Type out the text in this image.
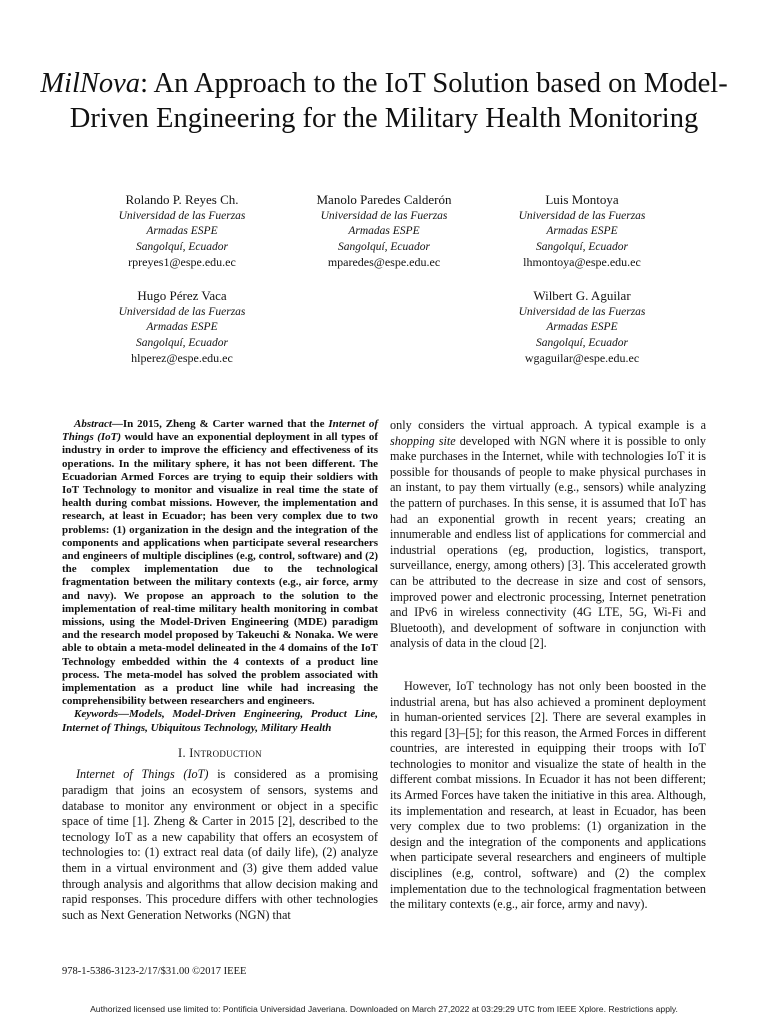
MilNova: An Approach to the IoT Solution based on Model-Driven Engineering for the Military Health Monitoring
Rolando P. Reyes Ch.
Universidad de las Fuerzas
Armadas ESPE
Sangolquí, Ecuador
rpreyes1@espe.edu.ec
Manolo Paredes Calderón
Universidad de las Fuerzas
Armadas ESPE
Sangolquí, Ecuador
mparedes@espe.edu.ec
Luis Montoya
Universidad de las Fuerzas
Armadas ESPE
Sangolquí, Ecuador
lhmontoya@espe.edu.ec
Hugo Pérez Vaca
Universidad de las Fuerzas
Armadas ESPE
Sangolquí, Ecuador
hlperez@espe.edu.ec
Wilbert G. Aguilar
Universidad de las Fuerzas
Armadas ESPE
Sangolquí, Ecuador
wgaguilar@espe.edu.ec

Abstract—In 2015, Zheng & Carter warned that the Internet of Things (IoT) would have an exponential deployment in all types of industry in order to improve the efficiency and effectiveness of its operations. In the military sphere, it has not been different. The Ecuadorian Armed Forces are trying to equip their soldiers with IoT Technology to monitor and visualize in real time the state of health during combat missions. However, the implementation and research, at least in Ecuador; has been very complex due to two problems: (1) organization in the design and the integration of the components and applications when participate several researchers and engineers of multiple disciplines (e.g, control, software) and (2) the complex implementation due to the technological fragmentation between the military contexts (e.g., air force, army and navy). We propose an approach to the solution to the implementation of real-time military health monitoring in combat missions, using the Model-Driven Engineering (MDE) paradigm and the research model proposed by Takeuchi & Nonaka. We were able to obtain a meta-model delineated in the 4 domains of the IoT Technology embedded within the 4 contexts of a product line process. The meta-model has solved the problem associated with implementation as a product line while had increasing the comprehensibility between researchers and engineers.

Keywords—Models, Model-Driven Engineering, Product Line, Internet of Things, Ubiquitous Technology, Military Health

I. Introduction

Internet of Things (IoT) is considered as a promising paradigm that joins an ecosystem of sensors, systems and database to monitor any environment or object in a specific space of time [1]. Zheng & Carter in 2015 [2], described to the tecnology IoT as a new capability that offers an ecosystem of technologies to: (1) extract real data (of daily life), (2) analyze them in a virtual environment and (3) give them added value through analysis and algorithms that allow decision making and rapid responses. This procedure differs with other technologies such as Next Generation Networks (NGN) that

only considers the virtual approach. A typical example is a shopping site developed with NGN where it is possible to only make purchases in the Internet, while with technologies IoT it is possible for thousands of people to make physical purchases in an instant, to pay them virtually (e.g., sensors) while analyzing the pattern of purchases. In this sense, it is assumed that IoT has had an exponential growth in recent years; creating an innumerable and endless list of applications for commercial and industrial operations (eg, production, logistics, transport, surveillance, energy, among others) [3]. This accelerated growth can be attributed to the decrease in size and cost of sensors, improved power and electronic processing, Internet penetration and IPv6 in wireless connectivity (4G LTE, 5G, Wi-Fi and Bluetooth), and development of software in conjunction with analysis of data in the cloud [2].

However, IoT technology has not only been boosted in the industrial arena, but has also achieved a prominent deployment in human-oriented services [2]. There are several examples in this regard [3]–[5]; for this reason, the Armed Forces in different countries, are interested in equipping their troops with IoT technologies to monitor and visualize the state of health in the different combat missions. In Ecuador it has not been different; its Armed Forces have taken the initiative in this area. Although, its implementation and research, at least in Ecuador, has been very complex due to two problems: (1) organization in the design and the integration of the components and applications when participate several researchers and engineers of multiple disciplines (e.g, control, software) and (2) the complex implementation due to the technological fragmentation between the military contexts (e.g., air force, army and navy).

978-1-5386-3123-2/17/$31.00 ©2017 IEEE
Authorized licensed use limited to: Pontificia Universidad Javeriana. Downloaded on March 27,2022 at 03:29:29 UTC from IEEE Xplore. Restrictions apply.
